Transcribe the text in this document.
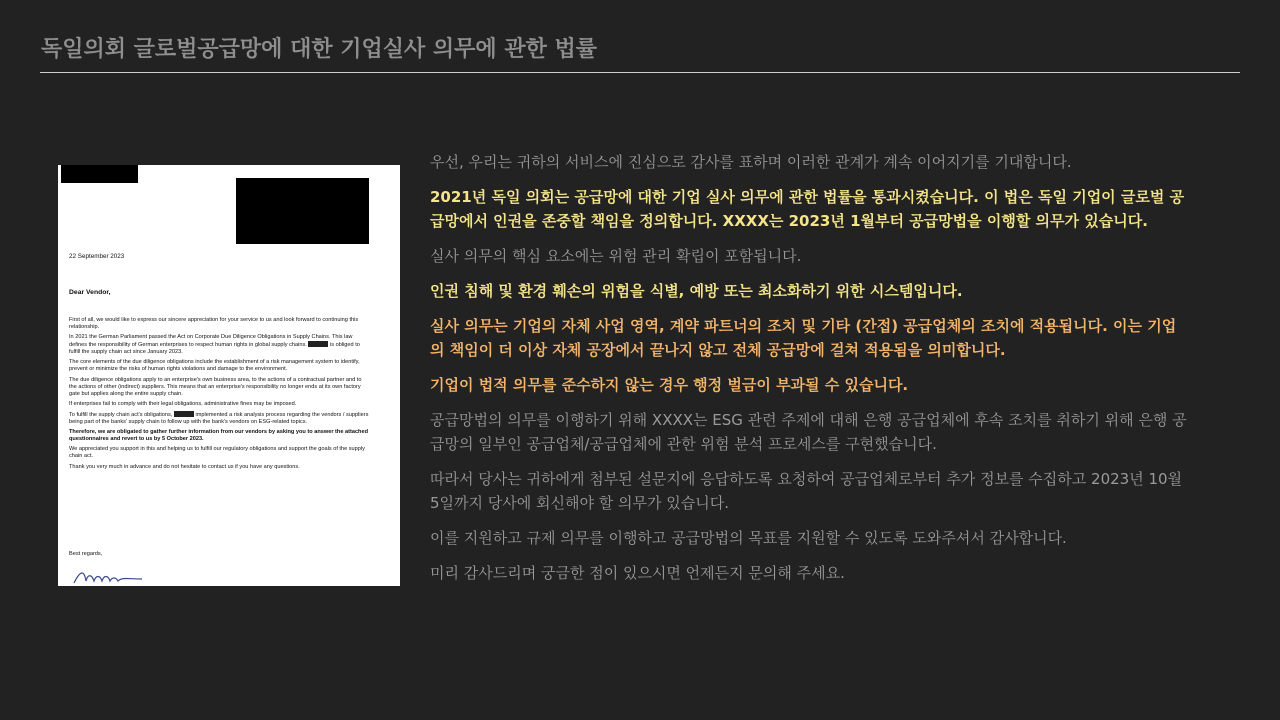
독일의회 글로벌공급망에 대한 기업실사 의무에 관한 법률
22 September 2023
Dear Vendor,

First of all, we would like to express our sincere appreciation for your service to us and look forward to continuing this relationship.

In 2021 the German Parliament passed the Act on Corporate Due Diligence Obligations in Supply Chains. This law defines the responsibility of German enterprises to respect human rights in global supply chains.	is obliged to fulfill the supply chain act since January 2023.

The core elements of the due diligence obligations include the establishment of a risk management system to identify, prevent or minimize the risks of human rights violations and damage to the environment.

The due diligence obligations apply to an enterprise's own business area, to the actions of a contractual partner and to the actions of other (indirect) suppliers. This means that an enterprise's responsibility no longer ends at its own factory gate but applies along the entire supply chain.

If enterprises fail to comply with their legal obligations, administrative fines may be imposed.

To fulfill the supply chain act's obligations,	implemented a risk analysis process regarding the vendors / suppliers being part of the banks' supply chain to follow up with the bank's vendors on ESG-related topics.

Therefore, we are obligated to gather further information from our vendors by asking you to answer the attached questionnaires and revert to us by 5 October 2023.

We appreciated you support in this and helping us to fulfill our regulatory obligations and support the goals of the supply chain act.

Thank you very much in advance and do not hesitate to contact us if you have any questions.

Best regards,

우선, 우리는 귀하의 서비스에 진심으로 감사를 표하며 이러한 관계가 계속 이어지기를 기대합니다.

2021년 독일 의회는 공급망에 대한 기업 실사 의무에 관한 법률을 통과시켰습니다. 이 법은 독일 기업이 글로벌 공급망에서 인권을 존중할 책임을 정의합니다. XXXX는 2023년 1월부터 공급망법을 이행할 의무가 있습니다.

실사 의무의 핵심 요소에는 위험 관리 확립이 포함됩니다.

인권 침해 및 환경 훼손의 위험을 식별, 예방 또는 최소화하기 위한 시스템입니다.

실사 의무는 기업의 자체 사업 영역, 계약 파트너의 조치 및 기타 (간접) 공급업체의 조치에 적용됩니다. 이는 기업의 책임이 더 이상 자체 공장에서 끝나지 않고 전체 공급망에 걸쳐 적용됨을 의미합니다.

기업이 법적 의무를 준수하지 않는 경우 행정 벌금이 부과될 수 있습니다.

공급망법의 의무를 이행하기 위해 XXXX는 ESG 관련 주제에 대해 은행 공급업체에 후속 조치를 취하기 위해 은행 공급망의 일부인 공급업체/공급업체에 관한 위험 분석 프로세스를 구현했습니다.

따라서 당사는 귀하에게 첨부된 설문지에 응답하도록 요청하여 공급업체로부터 추가 정보를 수집하고 2023년 10월 5일까지 당사에 회신해야 할 의무가 있습니다.

이를 지원하고 규제 의무를 이행하고 공급망법의 목표를 지원할 수 있도록 도와주셔서 감사합니다.

미리 감사드리며 궁금한 점이 있으시면 언제든지 문의해 주세요.
